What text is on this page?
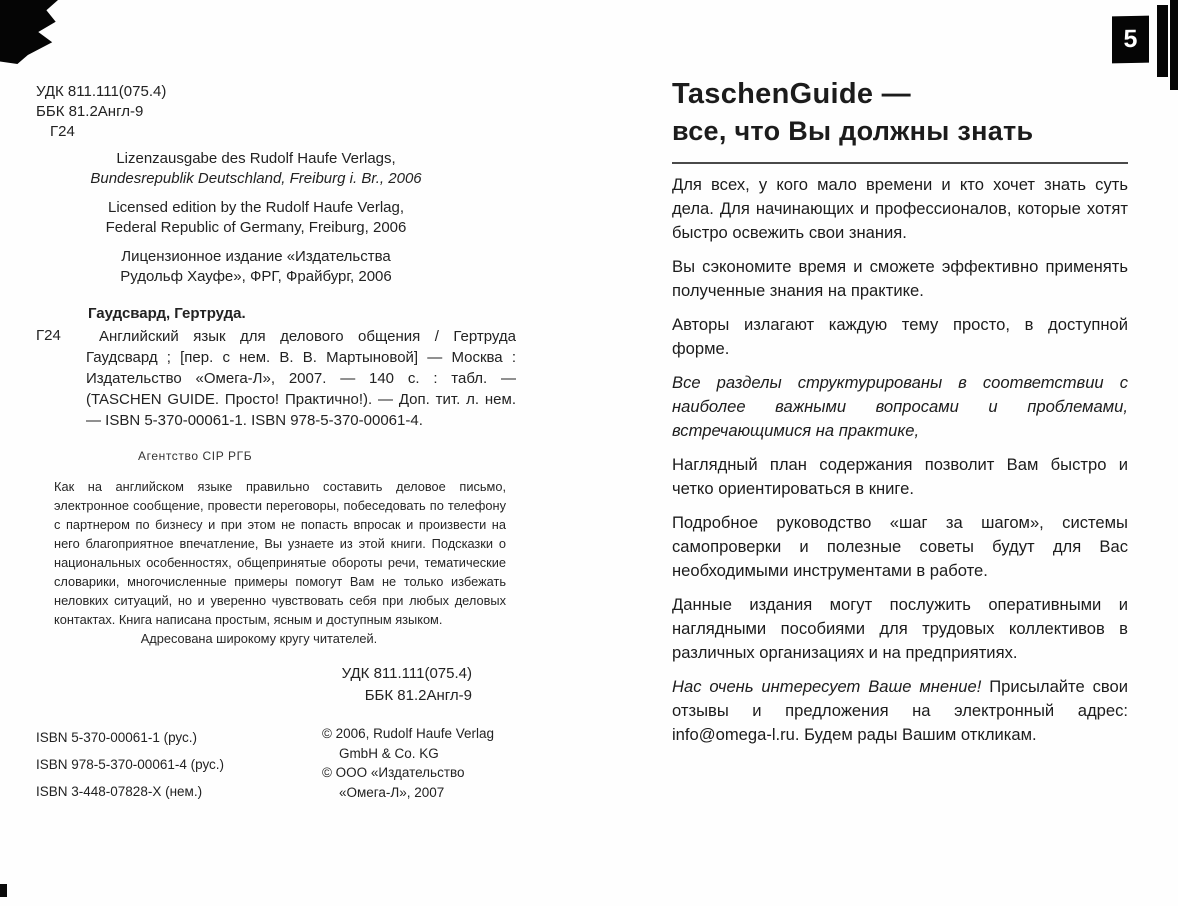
5
УДК 811.111(075.4)
ББК 81.2Англ-9
Г24
Lizenzausgabe des Rudolf Haufe Verlags,
Bundesrepublik Deutschland, Freiburg i. Br., 2006
Licensed edition by the Rudolf Haufe Verlag,
Federal Republic of Germany, Freiburg, 2006
Лицензионное издание «Издательства
Рудольф Хауфе», ФРГ, Фрайбург, 2006
Гаудсвард, Гертруда.
Г24	Английский язык для делового общения / Гертруда Гаудсвард ; [пер. с нем. В. В. Мартыновой] — Москва : Издательство «Омега-Л», 2007. — 140 с. : табл. — (TASCHEN GUIDE. Просто! Практично!). — Доп. тит. л. нем. — ISBN 5-370-00061-1. ISBN 978-5-370-00061-4.

Агентство CIP РГБ

Как на английском языке правильно составить деловое письмо, электронное сообщение, провести переговоры, побеседовать по телефону с партнером по бизнесу и при этом не попасть впросак и произвести на него благоприятное впечатление, Вы узнаете из этой книги. Подсказки о национальных особенностях, общепринятые обороты речи, тематические словарики, многочисленные примеры помогут Вам не только избежать неловких ситуаций, но и уверенно чувствовать себя при любых деловых контактах. Книга написана простым, ясным и доступным языком.

Адресована широкому кругу читателей.
УДК 811.111(075.4)
ББК 81.2Англ-9
ISBN 5-370-00061-1 (рус.)
ISBN 978-5-370-00061-4 (рус.)
ISBN 3-448-07828-X (нем.)
© 2006, Rudolf Haufe Verlag
GmbH & Co. KG
© ООО «Издательство
«Омега-Л», 2007
TaschenGuide —
все, что Вы должны знать

Для всех, у кого мало времени и кто хочет знать суть дела. Для начинающих и профессионалов, которые хотят быстро освежить свои знания.

Вы сэкономите время и сможете эффективно применять полученные знания на практике.

Авторы излагают каждую тему просто, в доступной форме.

Все разделы структурированы в соответствии с наиболее важными вопросами и проблемами, встречающимися на практике,

Наглядный план содержания позволит Вам быстро и четко ориентироваться в книге.

Подробное руководство «шаг за шагом», системы самопроверки и полезные советы будут для Вас необходимыми инструментами в работе.

Данные издания могут послужить оперативными и наглядными пособиями для трудовых коллективов в различных организациях и на предприятиях.

Нас очень интересует Ваше мнение! Присылайте свои отзывы и предложения на электронный адрес: info@omega-l.ru. Будем рады Вашим откликам.
